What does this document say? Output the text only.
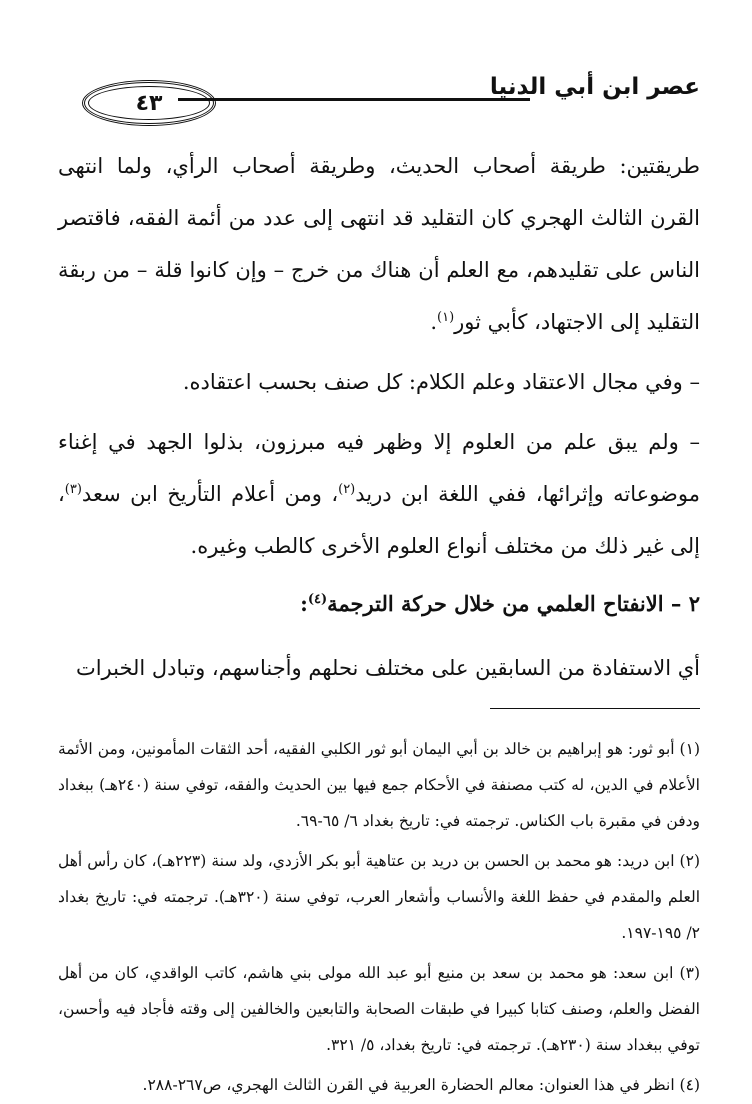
عصر ابن أبي الدنيا
٤٣

طريقتين: طريقة أصحاب الحديث، وطريقة أصحاب الرأي، ولما انتهى القرن الثالث الهجري كان التقليد قد انتهى إلى عدد من أئمة الفقه، فاقتصر الناس على تقليدهم، مع العلم أن هناك من خرج – وإن كانوا قلة – من ربقة التقليد إلى الاجتهاد، كأبي ثور$^{(١)}$.

– وفي مجال الاعتقاد وعلم الكلام: كل صنف بحسب اعتقاده.

– ولم يبق علم من العلوم إلا وظهر فيه مبرزون، بذلوا الجهد في إغناء موضوعاته وإثرائها، ففي اللغة ابن دريد$^{(٢)}$، ومن أعلام التأريخ ابن سعد$^{(٣)}$، إلى غير ذلك من مختلف أنواع العلوم الأخرى كالطب وغيره.

٢ – الانفتاح العلمي من خلال حركة الترجمة$^{(٤)}$:

أي الاستفادة من السابقين على مختلف نحلهم وأجناسهم، وتبادل الخبرات

(١) أبو ثور: هو إبراهيم بن خالد بن أبي اليمان أبو ثور الكلبي الفقيه، أحد الثقات المأمونين، ومن الأئمة الأعلام في الدين، له كتب مصنفة في الأحكام جمع فيها بين الحديث والفقه، توفي سنة (٢٤٠هـ) ببغداد ودفن في مقبرة باب الكناس. ترجمته في: تاريخ بغداد ٦/ ٦٥-٦٩.

(٢) ابن دريد: هو محمد بن الحسن بن دريد بن عتاهية أبو بكر الأزدي، ولد سنة (٢٢٣هـ)، كان رأس أهل العلم والمقدم في حفظ اللغة والأنساب وأشعار العرب، توفي سنة (٣٢٠هـ). ترجمته في: تاريخ بغداد ٢/ ١٩٥-١٩٧.

(٣) ابن سعد: هو محمد بن سعد بن منيع أبو عبد الله مولى بني هاشم، كاتب الواقدي، كان من أهل الفضل والعلم، وصنف كتابا كبيرا في طبقات الصحابة والتابعين والخالفين إلى وقته فأجاد فيه وأحسن، توفي ببغداد سنة (٢٣٠هـ). ترجمته في: تاريخ بغداد، ٥/ ٣٢١.

(٤) انظر في هذا العنوان: معالم الحضارة العربية في القرن الثالث الهجري، ص٢٦٧-٢٨٨.
